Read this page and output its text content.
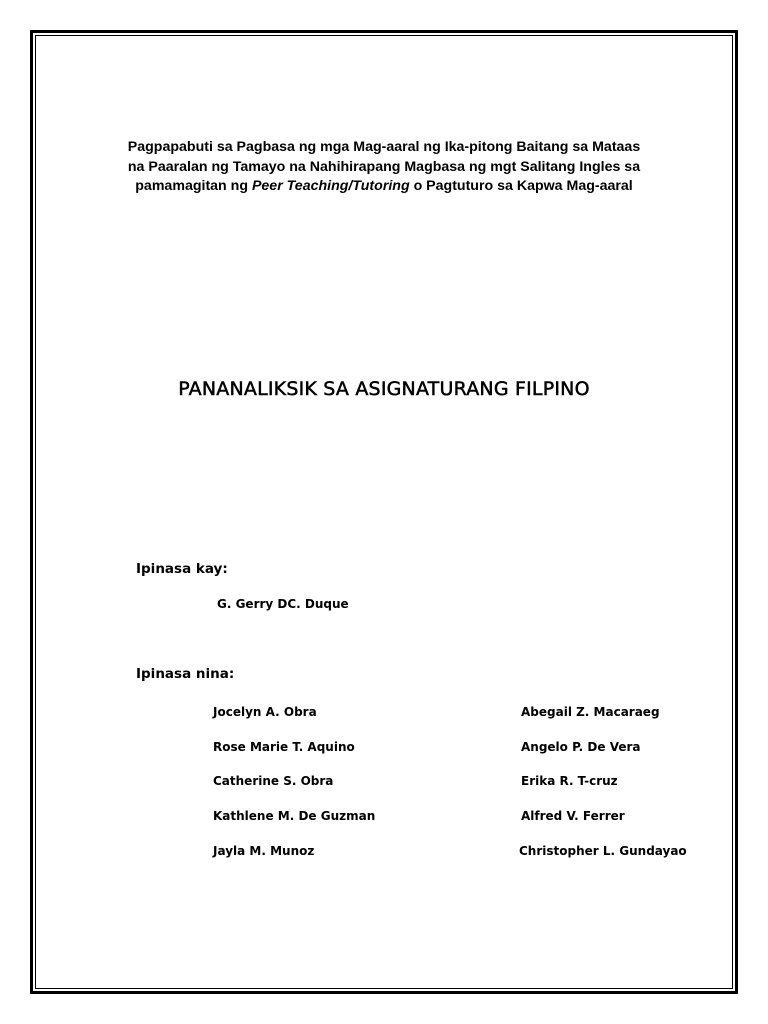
Pagpapabuti sa Pagbasa ng mga Mag-aaral ng Ika-pitong Baitang sa Mataas na Paaralan ng Tamayo na Nahihirapang Magbasa ng mgt Salitang Ingles sa pamamagitan ng Peer Teaching/Tutoring o Pagtuturo sa Kapwa Mag-aaral

PANANALIKSIK SA ASIGNATURANG FILPINO

Ipinasa kay:

G. Gerry DC. Duque

Ipinasa nina:

Jocelyn A. Obra

Rose Marie T. Aquino

Catherine S. Obra

Kathlene M. De Guzman

Jayla M. Munoz

Abegail Z. Macaraeg

Angelo P. De Vera

Erika R. T-cruz

Alfred V. Ferrer

Christopher L. Gundayao
